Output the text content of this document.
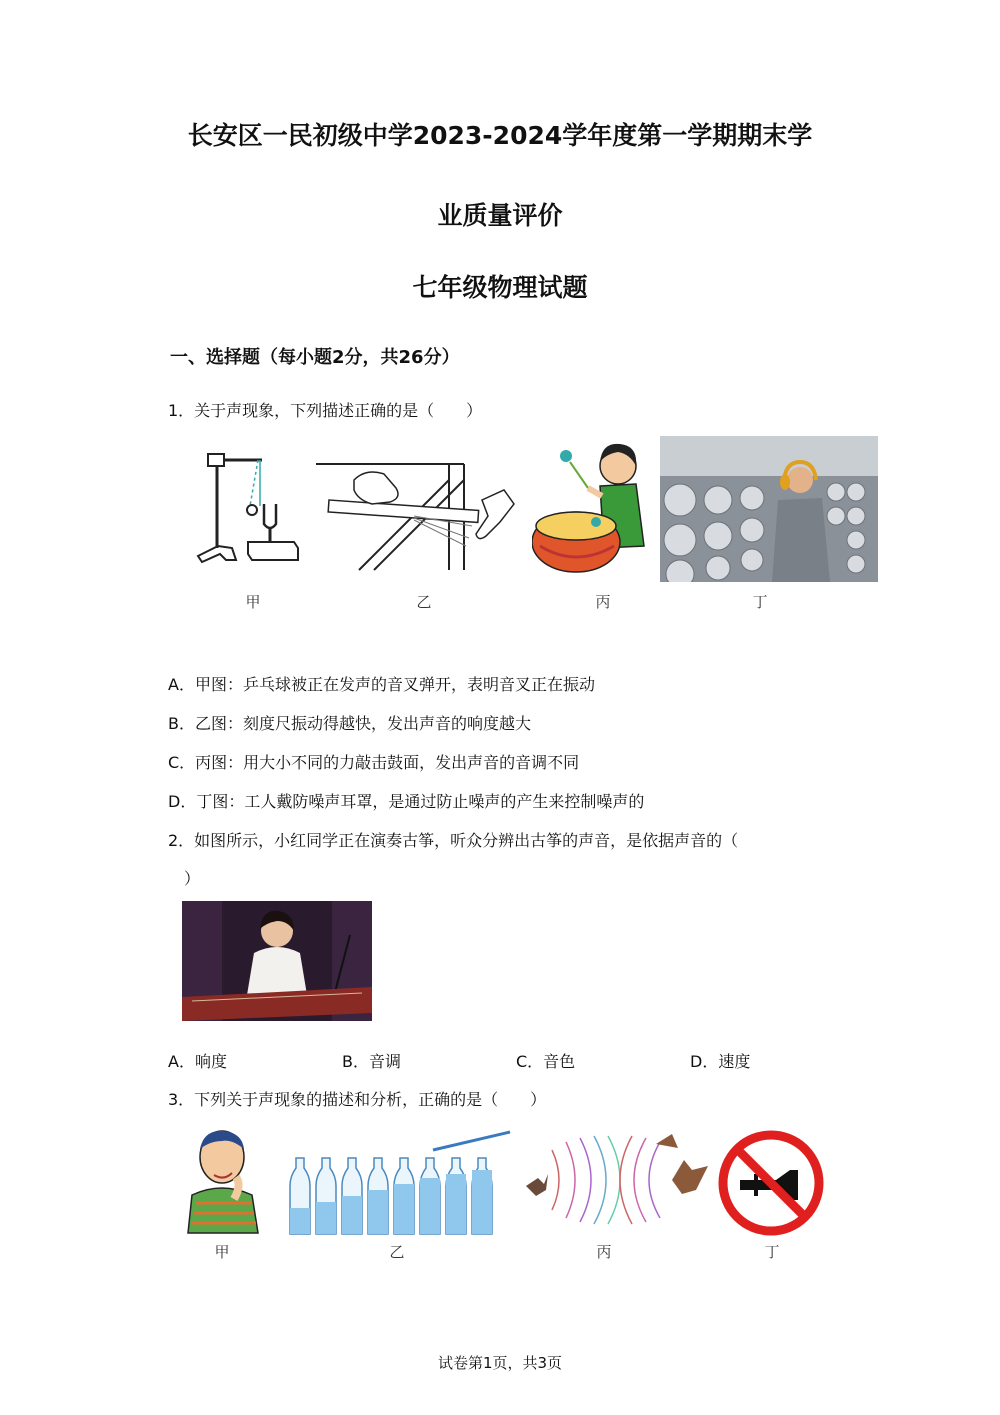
长安区一民初级中学2023-2024学年度第一学期期末学
业质量评价
七年级物理试题
一、选择题（每小题2分，共26分）
1．关于声现象，下列描述正确的是（　　）
甲	乙	丙	丁
A．甲图：乒乓球被正在发声的音叉弹开，表明音叉正在振动
B．乙图：刻度尺振动得越快，发出声音的响度越大
C．丙图：用大小不同的力敲击鼓面，发出声音的音调不同
D．丁图：工人戴防噪声耳罩，是通过防止噪声的产生来控制噪声的
2．如图所示，小红同学正在演奏古筝，听众分辨出古筝的声音，是依据声音的（
）
A．响度	B．音调	C．音色	D．速度
3．下列关于声现象的描述和分析，正确的是（　　）
甲	乙	丙	丁
试卷第1页，共3页
